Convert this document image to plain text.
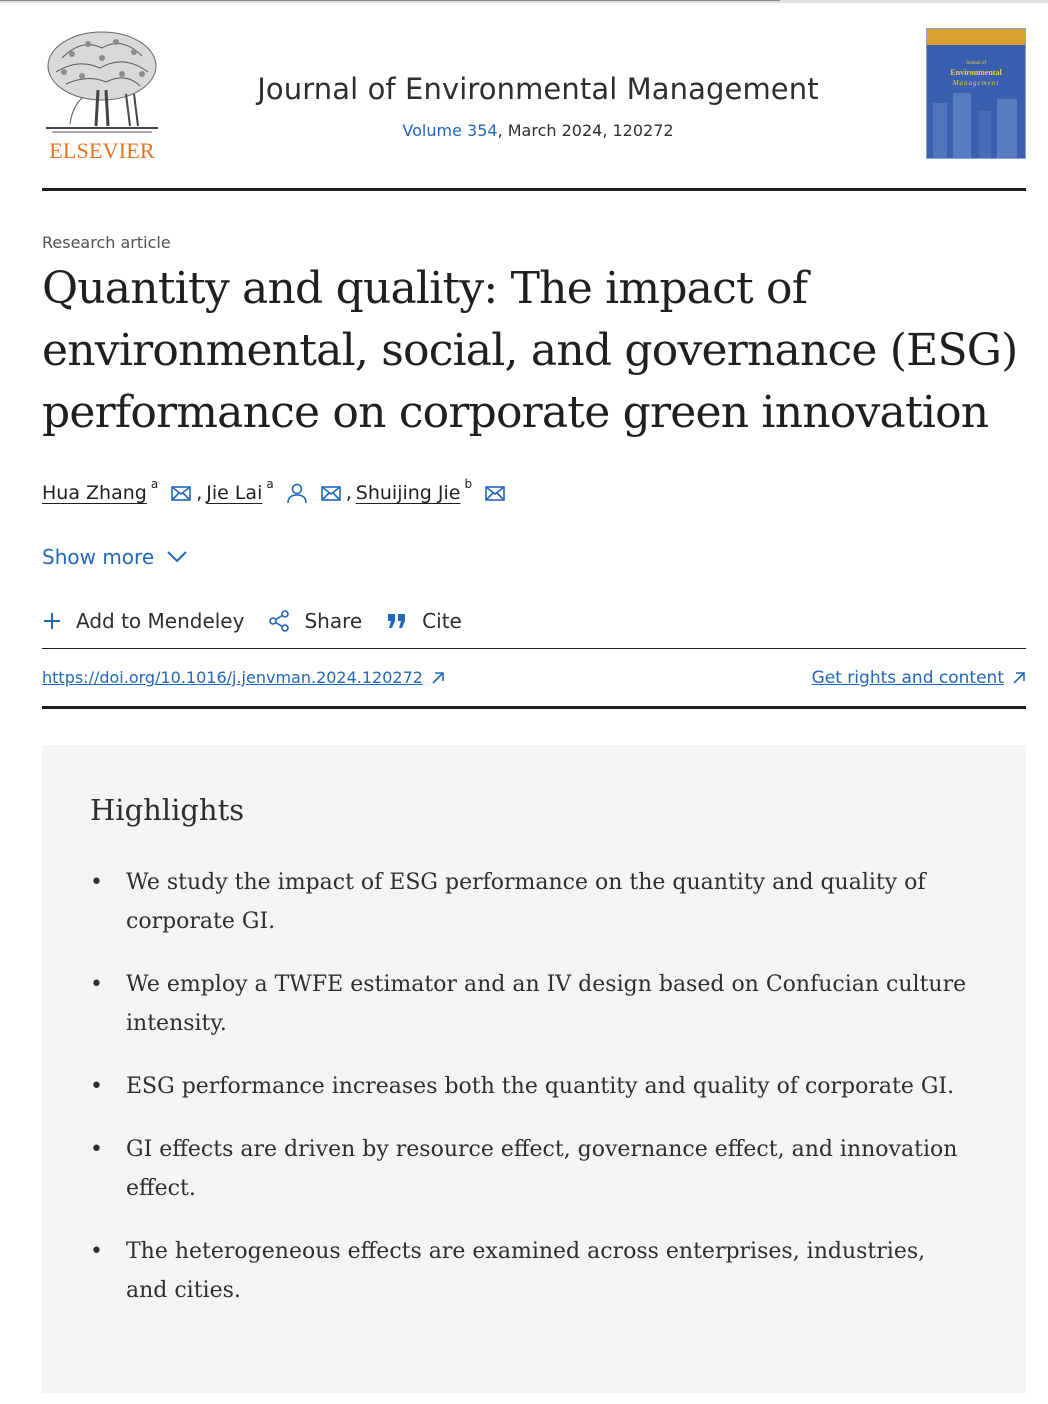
ELSEVIER
Journal of Environmental Management
Volume 354, March 2024, 120272
Journal of
Environmental
Management
Research article
Quantity and quality: The impact of environmental, social, and governance (ESG) performance on corporate green innovation
Hua Zhang a , Jie Lai a	, Shuijing Jie b
Show more
Add to Mendeley	Share	Cite
https://doi.org/10.1016/j.jenvman.2024.120272	Get rights and content
Highlights
• We study the impact of ESG performance on the quantity and quality of corporate GI.
• We employ a TWFE estimator and an IV design based on Confucian culture intensity.
• ESG performance increases both the quantity and quality of corporate GI.
• GI effects are driven by resource effect, governance effect, and innovation effect.
• The heterogeneous effects are examined across enterprises, industries, and cities.
